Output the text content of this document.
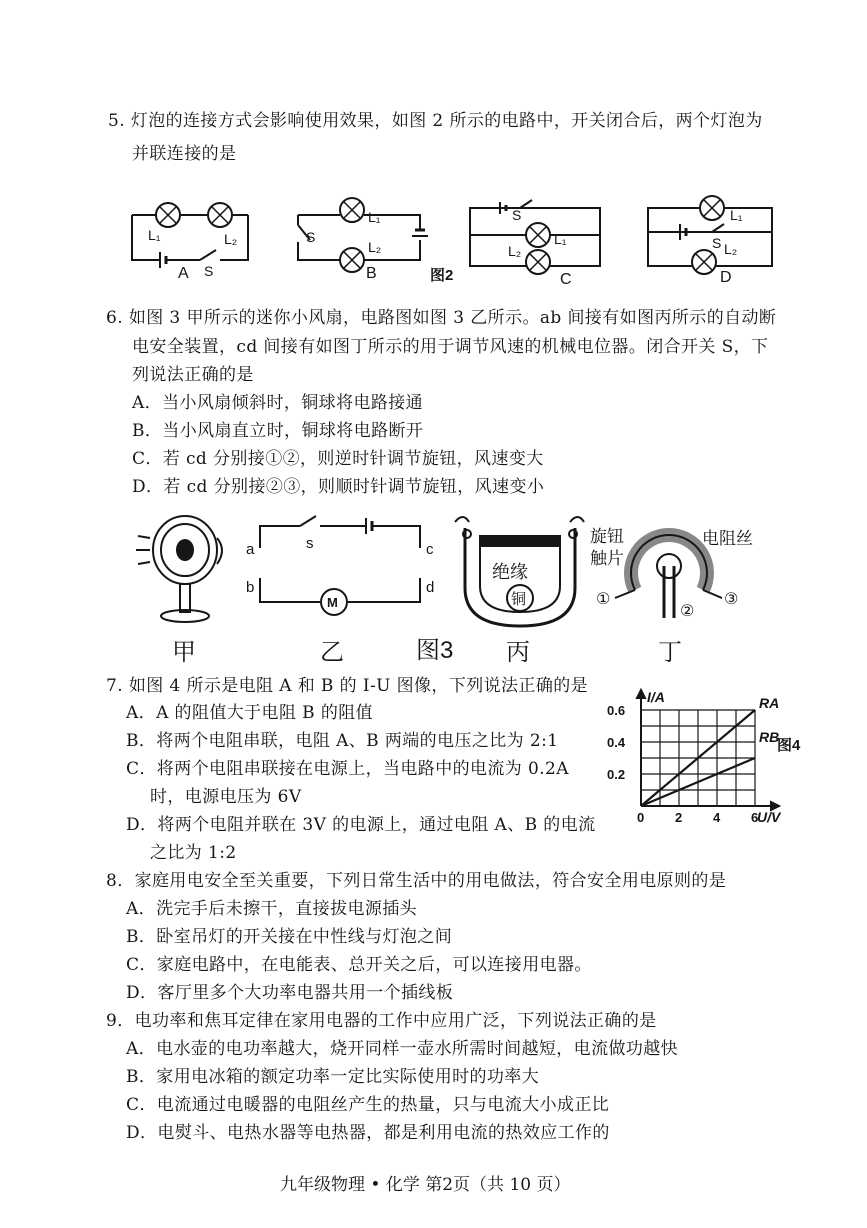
5. 灯泡的连接方式会影响使用效果，如图 2 所示的电路中，开关闭合后，两个灯泡为
并联连接的是
L₁	L₂
A S
S
L₁
L₂
B	图2
S
L₁
L₂
C
L₁
S L₂
D
6. 如图 3 甲所示的迷你小风扇，电路图如图 3 乙所示。ab 间接有如图丙所示的自动断
电安全装置，cd 间接有如图丁所示的用于调节风速的机械电位器。闭合开关 S，下
列说法正确的是
A．当小风扇倾斜时，铜球将电路接通
B．当小风扇直立时，铜球将电路断开
C．若 cd 分别接①②，则逆时针调节旋钮，风速变大
D．若 cd 分别接②③，则顺时针调节旋钮，风速变小
甲
a	s	c
b	d
M
乙	图3
绝缘
铜
丙
旋钮
触片
电阻丝
①
②
③
丁
7. 如图 4 所示是电阻 A 和 B 的 I-U 图像，下列说法正确的是
A．A 的阻值大于电阻 B 的阻值
B．将两个电阻串联，电阻 A、B 两端的电压之比为 2:1
C．将两个电阻串联接在电源上，当电路中的电流为 0.2A
时，电源电压为 6V
D．将两个电阻并联在 3V 的电源上，通过电阻 A、B 的电流
之比为 1:2
RA
RB
0 2 4 6
0.2
0.4
0.6
I/A
U/V
图4
8．家庭用电安全至关重要，下列日常生活中的用电做法，符合安全用电原则的是
A．洗完手后未擦干，直接拔电源插头
B．卧室吊灯的开关接在中性线与灯泡之间
C．家庭电路中，在电能表、总开关之后，可以连接用电器。
D．客厅里多个大功率电器共用一个插线板
9．电功率和焦耳定律在家用电器的工作中应用广泛，下列说法正确的是
A．电水壶的电功率越大，烧开同样一壶水所需时间越短，电流做功越快
B．家用电冰箱的额定功率一定比实际使用时的功率大
C．电流通过电暖器的电阻丝产生的热量，只与电流大小成正比
D．电熨斗、电热水器等电热器，都是利用电流的热效应工作的
九年级物理 • 化学 第2页（共 10 页）
